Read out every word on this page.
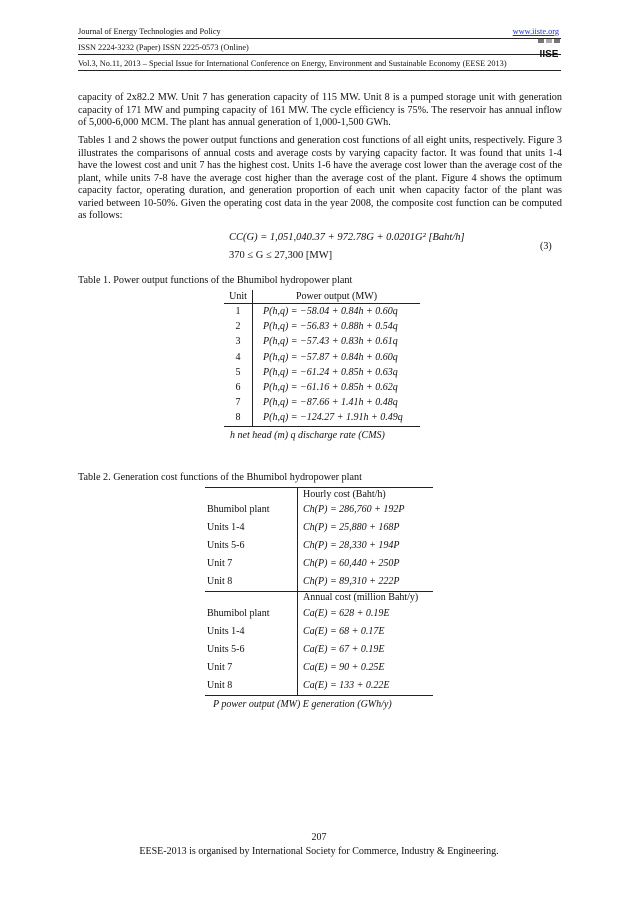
Journal of Energy Technologies and Policy	www.iiste.org
ISSN 2224-3232 (Paper) ISSN 2225-0573 (Online)
Vol.3, No.11, 2013 – Special Issue for International Conference on Energy, Environment and Sustainable Economy (EESE 2013)
IISE

capacity of 2x82.2 MW. Unit 7 has generation capacity of 115 MW. Unit 8 is a pumped storage unit with generation capacity of 171 MW and pumping capacity of 161 MW. The cycle efficiency is 75%. The reservoir has annual inflow of 5,000-6,000 MCM. The plant has annual generation of 1,000-1,500 GWh.

Tables 1 and 2 shows the power output functions and generation cost functions of all eight units, respectively. Figure 3 illustrates the comparisons of annual costs and average costs by varying capacity factor. It was found that units 1-4 have the lowest cost and unit 7 has the highest cost. Units 1-6 have the average cost lower than the average cost of the plant, while units 7-8 have the average cost higher than the average cost of the plant. Figure 4 shows the optimum capacity factor, operating duration, and generation proportion of each unit when capacity factor of the plant was varied between 10-50%. Given the operating cost data in the year 2008, the composite cost function can be computed as follows:

CC(G) = 1,051,040.37 + 972.78G + 0.0201G² [Baht/h]
370 ≤ G ≤ 27,300 [MW]
(3)
Table 1. Power output functions of the Bhumibol hydropower plant
Unit	Power output (MW)
1	P(h,q) = −58.04 + 0.84h + 0.60q
2	P(h,q) = −56.83 + 0.88h + 0.54q
3	P(h,q) = −57.43 + 0.83h + 0.61q
4	P(h,q) = −57.87 + 0.84h + 0.60q
5	P(h,q) = −61.24 + 0.85h + 0.63q
6	P(h,q) = −61.16 + 0.85h + 0.62q
7	P(h,q) = −87.66 + 1.41h + 0.48q
8	P(h,q) = −124.27 + 1.91h + 0.49q
h net head (m) q discharge rate (CMS)	
Table 2. Generation cost functions of the Bhumibol hydropower plant
	Hourly cost (Baht/h)
Bhumibol plant	Ch(P) = 286,760 + 192P
Units 1-4	Ch(P) = 25,880 + 168P
Units 5-6	Ch(P) = 28,330 + 194P
Unit 7	Ch(P) = 60,440 + 250P
Unit 8	Ch(P) = 89,310 + 222P
	Annual cost (million Baht/y)
Bhumibol plant	Ca(E) = 628 + 0.19E
Units 1-4	Ca(E) = 68 + 0.17E
Units 5-6	Ca(E) = 67 + 0.19E
Unit 7	Ca(E) = 90 + 0.25E
Unit 8	Ca(E) = 133 + 0.22E
P power output (MW) E generation (GWh/y)	
207
EESE-2013 is organised by International Society for Commerce, Industry & Engineering.
